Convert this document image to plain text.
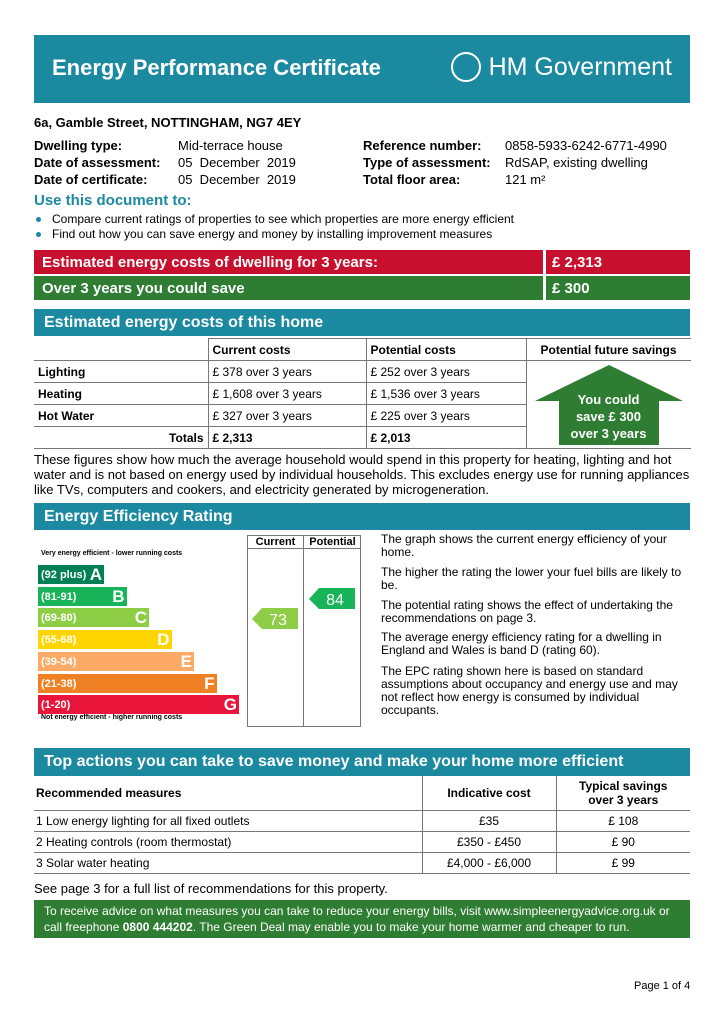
Energy Performance Certificate	HM Government
6a, Gamble Street, NOTTINGHAM, NG7 4EY
Dwelling type:	Mid-terrace house
Date of assessment: 05  December  2019
Date of certificate: 05  December  2019
Reference number: 0858-5933-6242-6771-4990
Type of assessment: RdSAP, existing dwelling
Total floor area:	121 m²
Use this document to:
Compare current ratings of properties to see which properties are more energy efficient
Find out how you can save energy and money by installing improvement measures
Estimated energy costs of dwelling for 3 years:	£ 2,313
Over 3 years you could save	£ 300
Estimated energy costs of this home
	Current costs	Potential costs	Potential future savings
Lighting	£ 378 over 3 years	£ 252 over 3 years	You could
save £ 300
over 3 years

Heating	£ 1,608 over 3 years	£ 1,536 over 3 years	
Hot Water	£ 327 over 3 years	£ 225 over 3 years	
Totals	£ 2,313	£ 2,013	
These figures show how much the average household would spend in this property for heating, lighting and hot water and is not based on energy used by individual households. This excludes energy use for running appliances like TVs, computers and cookers, and electricity generated by microgeneration.
Energy Efficiency Rating
Current	Potential
Very energy efficient - lower running costs
Not energy efficient - higher running costs
(92 plus) A
(81-91) B
(69-80)	C
(55-68)	D
(39-54)	E
(21-38)	F
(1-20)	G
73
84
The graph shows the current energy efficiency of your home.
The higher the rating the lower your fuel bills are likely to be.
The potential rating shows the effect of undertaking the recommendations on page 3.
The average energy efficiency rating for a dwelling in England and Wales is band D (rating 60).
The EPC rating shown here is based on standard assumptions about occupancy and energy use and may not reflect how energy is consumed by individual occupants.
Top actions you can take to save money and make your home more efficient
Recommended measures	Indicative cost	Typical savings
over 3 years

1 Low energy lighting for all fixed outlets	£35	£ 108
2 Heating controls (room thermostat)	£350 - £450	£ 90
3 Solar water heating	£4,000 - £6,000	£ 99
See page 3 for a full list of recommendations for this property.
To receive advice on what measures you can take to reduce your energy bills, visit www.simpleenergyadvice.org.uk or
call freephone 0800 444202. The Green Deal may enable you to make your home warmer and cheaper to run.
Page 1 of 4
